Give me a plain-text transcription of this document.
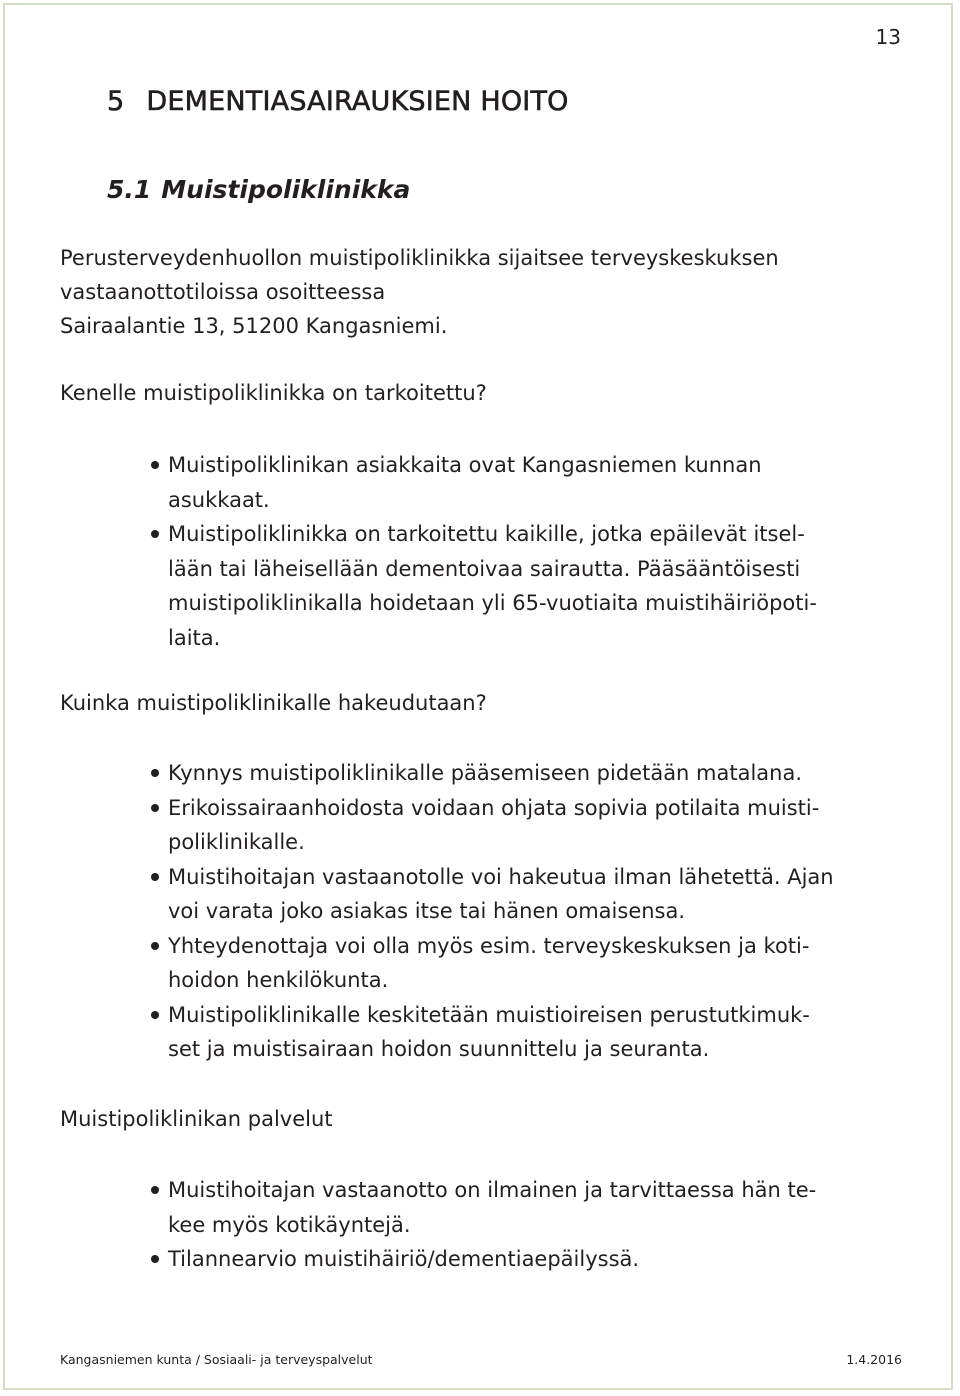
13
5 DEMENTIASAIRAUKSIEN HOITO
5.1 Muistipoliklinikka
Perusterveydenhuollon muistipoliklinikka sijaitsee terveyskeskuksen
vastaanottotiloissa osoitteessa
Sairaalantie 13, 51200 Kangasniemi.
Kenelle muistipoliklinikka on tarkoitettu?
Muistipoliklinikan asiakkaita ovat Kangasniemen kunnan
asukkaat.
Muistipoliklinikka on tarkoitettu kaikille, jotka epäilevät itsel-
lään tai läheisellään dementoivaa sairautta. Pääsääntöisesti
muistipoliklinikalla hoidetaan yli 65-vuotiaita muistihäiriöpoti-
laita.
Kuinka muistipoliklinikalle hakeudutaan?
Kynnys muistipoliklinikalle pääsemiseen pidetään matalana.
Erikoissairaanhoidosta voidaan ohjata sopivia potilaita muisti-
poliklinikalle.
Muistihoitajan vastaanotolle voi hakeutua ilman lähetettä. Ajan
voi varata joko asiakas itse tai hänen omaisensa.
Yhteydenottaja voi olla myös esim. terveyskeskuksen ja koti-
hoidon henkilökunta.
Muistipoliklinikalle keskitetään muistioireisen perustutkimuk-
set ja muistisairaan hoidon suunnittelu ja seuranta.
Muistipoliklinikan palvelut
Muistihoitajan vastaanotto on ilmainen ja tarvittaessa hän te-
kee myös kotikäyntejä.
Tilannearvio muistihäiriö/dementiaepäilyssä.
Kangasniemen kunta / Sosiaali- ja terveyspalvelut	1.4.2016
